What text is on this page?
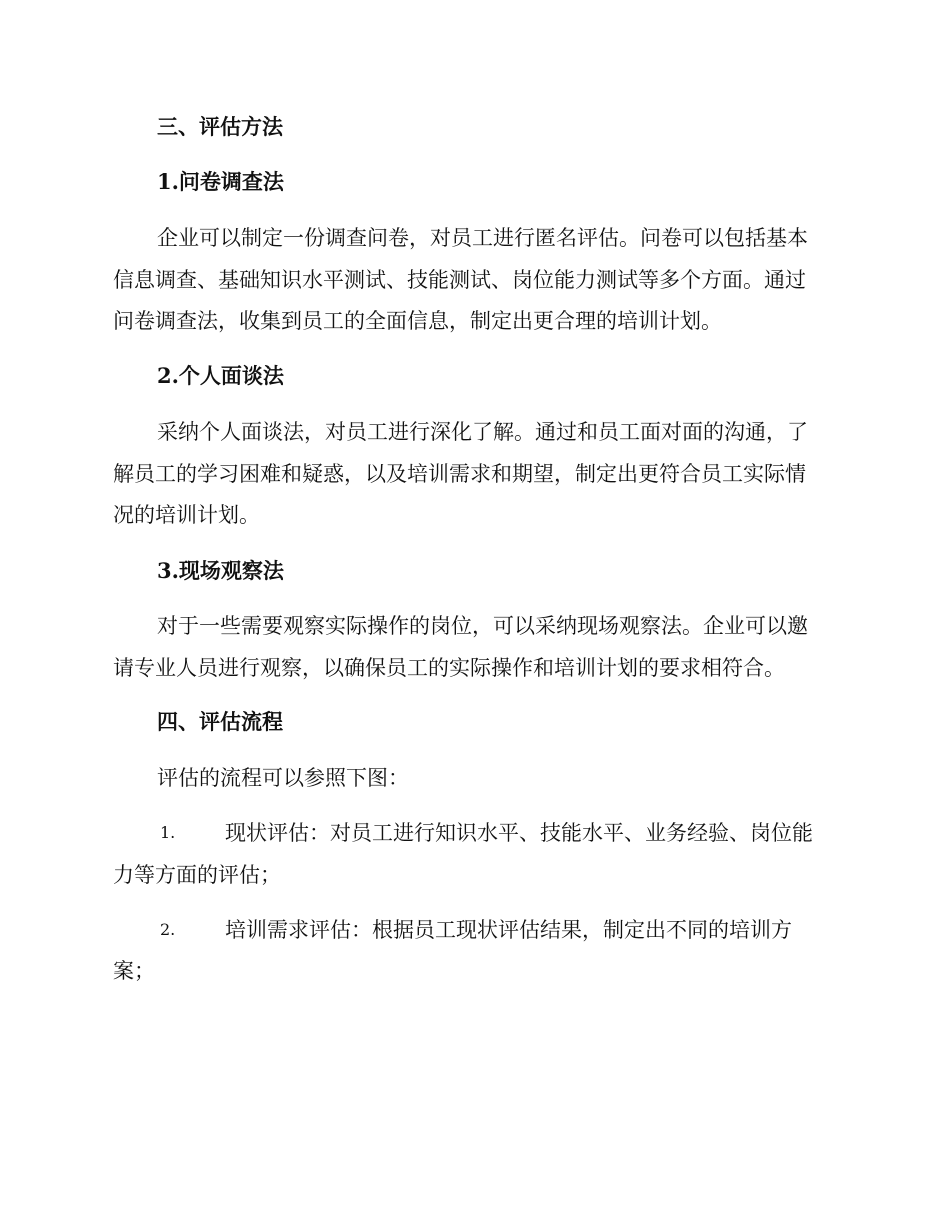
三、评估方法
1.问卷调查法
企业可以制定一份调查问卷，对员工进行匿名评估。问卷可以包括基本
信息调查、基础知识水平测试、技能测试、岗位能力测试等多个方面。通过
问卷调查法，收集到员工的全面信息，制定出更合理的培训计划。
2.个人面谈法
采纳个人面谈法，对员工进行深化了解。通过和员工面对面的沟通，了
解员工的学习困难和疑惑，以及培训需求和期望，制定出更符合员工实际情
况的培训计划。
3.现场观察法
对于一些需要观察实际操作的岗位，可以采纳现场观察法。企业可以邀
请专业人员进行观察，以确保员工的实际操作和培训计划的要求相符合。
四、评估流程
评估的流程可以参照下图：
1. 现状评估：对员工进行知识水平、技能水平、业务经验、岗位能
力等方面的评估；
2. 培训需求评估：根据员工现状评估结果，制定出不同的培训方
案；
